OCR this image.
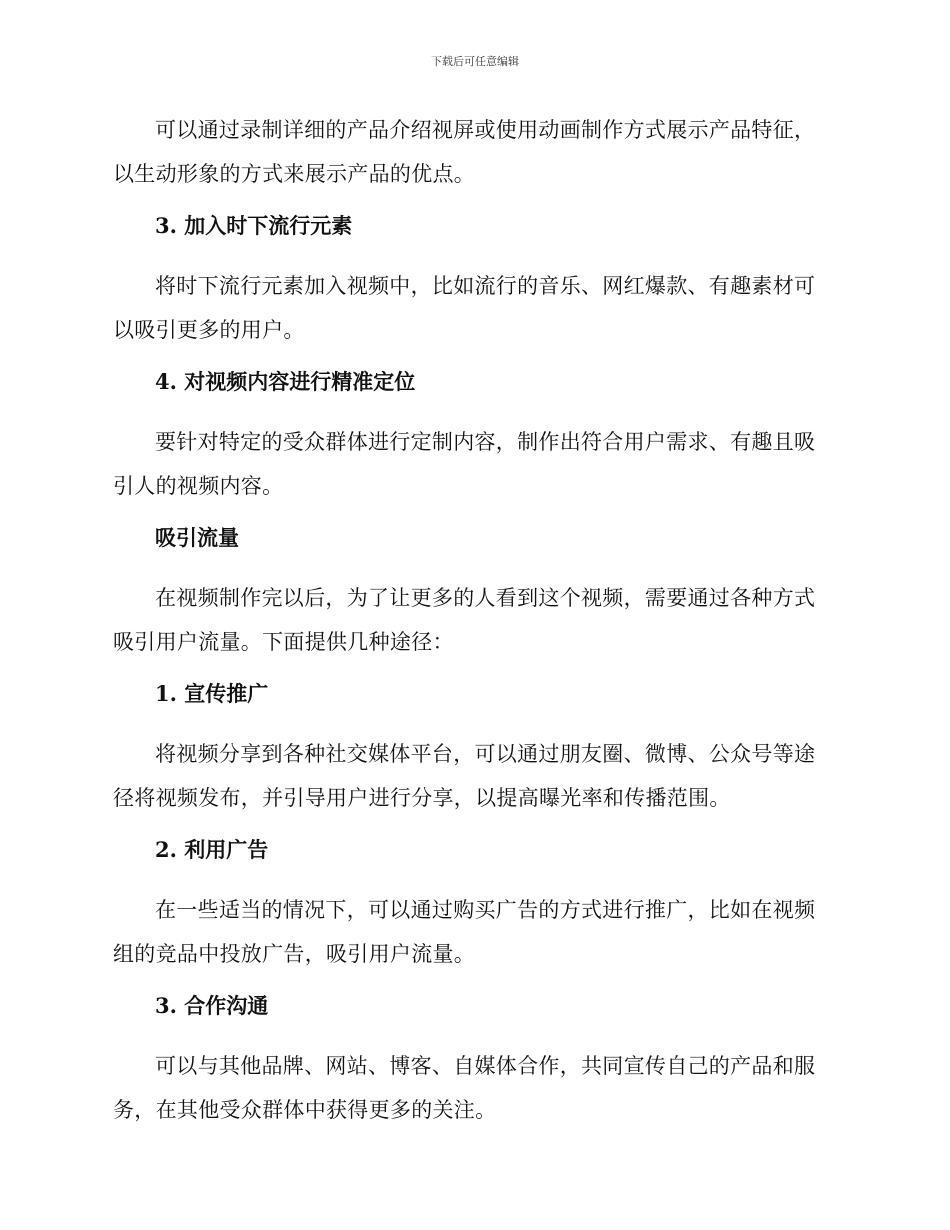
下载后可任意编辑

可以通过录制详细的产品介绍视屏或使用动画制作方式展示产品特征，以生动形象的方式来展示产品的优点。

3. 加入时下流行元素

将时下流行元素加入视频中，比如流行的音乐、网红爆款、有趣素材可以吸引更多的用户。

4. 对视频内容进行精准定位

要针对特定的受众群体进行定制内容，制作出符合用户需求、有趣且吸引人的视频内容。

吸引流量

在视频制作完以后，为了让更多的人看到这个视频，需要通过各种方式吸引用户流量。下面提供几种途径：

1. 宣传推广

将视频分享到各种社交媒体平台，可以通过朋友圈、微博、公众号等途径将视频发布，并引导用户进行分享，以提高曝光率和传播范围。

2. 利用广告

在一些适当的情况下，可以通过购买广告的方式进行推广，比如在视频组的竞品中投放广告，吸引用户流量。

3. 合作沟通

可以与其他品牌、网站、博客、自媒体合作，共同宣传自己的产品和服务，在其他受众群体中获得更多的关注。
